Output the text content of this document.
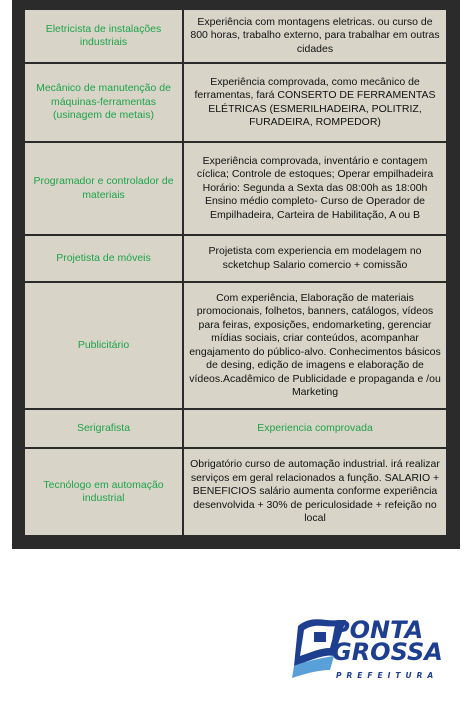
Eletricista de instalações industriais
Experiência com montagens eletricas. ou curso de 800 horas, trabalho externo, para trabalhar em outras cidades
Mecânico de manutenção de máquinas-ferramentas (usinagem de metais)
Experiência comprovada, como mecânico de ferramentas, fará CONSERTO DE FERRAMENTAS ELÉTRICAS (ESMERILHADEIRA, POLITRIZ, FURADEIRA, ROMPEDOR)
Programador e controlador de materiais
Experiência comprovada, inventário e contagem cíclica; Controle de estoques; Operar empilhadeira Horário: Segunda a Sexta das 08:00h as 18:00h Ensino médio completo- Curso de Operador de Empilhadeira, Carteira de Habilitação, A ou B
Projetista de móveis
Projetista com experiencia em modelagem no scketchup Salario comercio + comissão
Publicitário
Com experiência, Elaboração de materiais promocionais, folhetos, banners, catálogos, vídeos para feiras, exposições, endomarketing, gerenciar mídias sociais, criar conteúdos, acompanhar engajamento do público-alvo. Conhecimentos básicos de desing, edição de imagens e elaboração de vídeos.Acadêmico de Publicidade e propaganda e /ou Marketing
Serigrafista	Experiencia comprovada
Tecnólogo em automação industrial
Obrigatório curso de automação industrial. irá realizar serviços em geral relacionados a função. SALARIO + BENEFICIOS salário aumenta conforme experiência desenvolvida + 30% de periculosidade + refeição no local
PONTA
GROSSA
PREFEITURA
